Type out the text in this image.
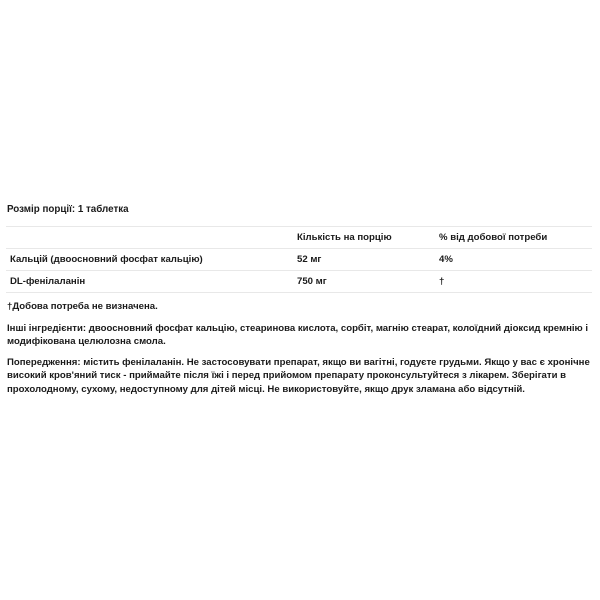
Розмір порції: 1 таблетка
	Кількість на порцію	% від добової потреби
Кальцій (двоосновний фосфат кальцію)	52 мг	4%
DL-фенілаланін	750 мг	†

†Добова потреба не визначена.

Інші інгредієнти: двоосновний фосфат кальцію, стеаринова кислота, сорбіт, магнію стеарат, колоїдний діоксид кремнію і модифікована целюлозна смола.

Попередження: містить фенілаланін. Не застосовувати препарат, якщо ви вагітні, годуєте грудьми. Якщо у вас є хронічне високий кров'яний тиск - приймайте після їжі і перед прийомом препарату проконсультуйтеся з лікарем. Зберігати в прохолодному, сухому, недоступному для дітей місці. Не використовуйте, якщо друк зламана або відсутній.
